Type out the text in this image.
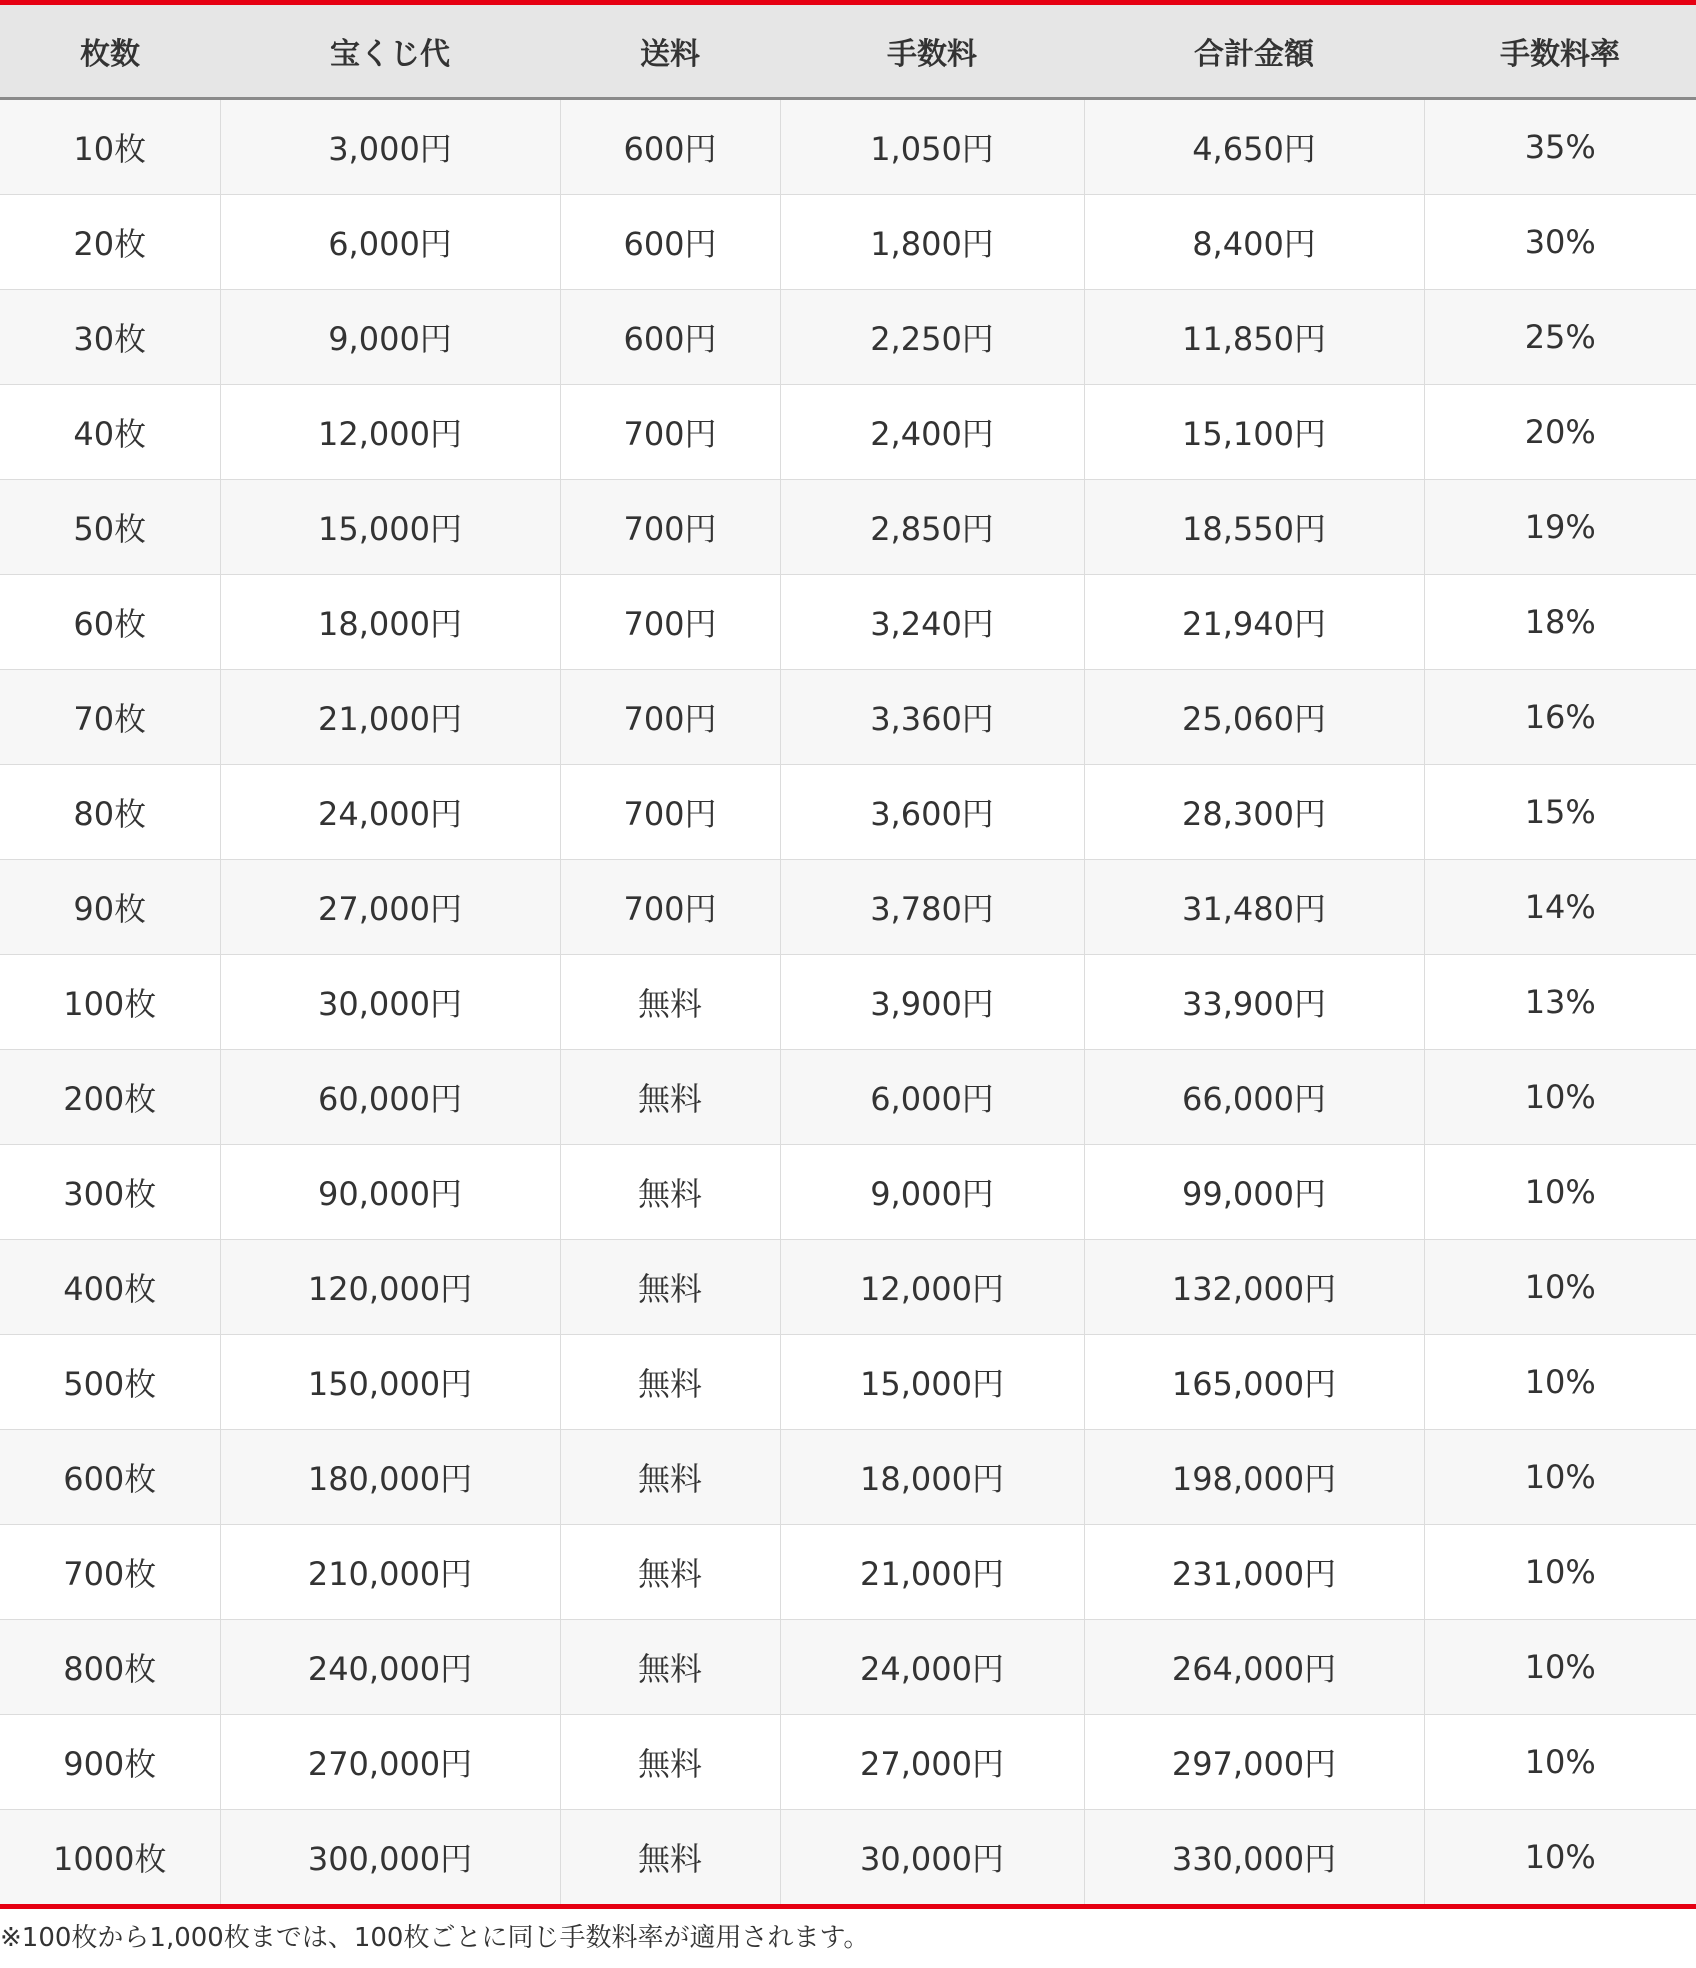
枚数	宝くじ代	送料	手数料	合計金額	手数料率
10枚	3,000円	600円	1,050円	4,650円	35%
20枚	6,000円	600円	1,800円	8,400円	30%
30枚	9,000円	600円	2,250円	11,850円	25%
40枚	12,000円	700円	2,400円	15,100円	20%
50枚	15,000円	700円	2,850円	18,550円	19%
60枚	18,000円	700円	3,240円	21,940円	18%
70枚	21,000円	700円	3,360円	25,060円	16%
80枚	24,000円	700円	3,600円	28,300円	15%
90枚	27,000円	700円	3,780円	31,480円	14%
100枚	30,000円	無料	3,900円	33,900円	13%
200枚	60,000円	無料	6,000円	66,000円	10%
300枚	90,000円	無料	9,000円	99,000円	10%
400枚	120,000円	無料	12,000円	132,000円	10%
500枚	150,000円	無料	15,000円	165,000円	10%
600枚	180,000円	無料	18,000円	198,000円	10%
700枚	210,000円	無料	21,000円	231,000円	10%
800枚	240,000円	無料	24,000円	264,000円	10%
900枚	270,000円	無料	27,000円	297,000円	10%
1000枚	300,000円	無料	30,000円	330,000円	10%
※100枚から1,000枚までは、100枚ごとに同じ手数料率が適用されます。
